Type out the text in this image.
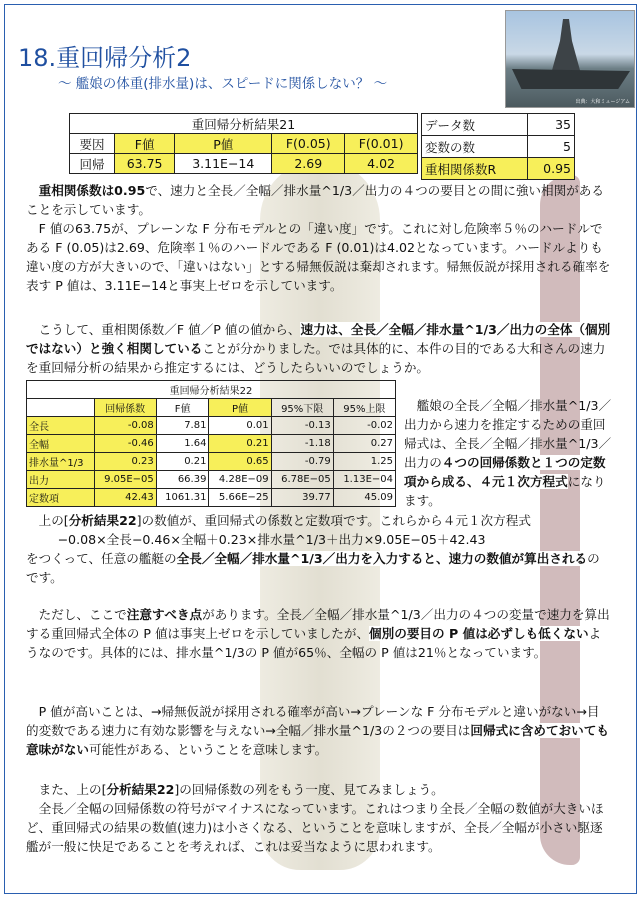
出典：大和ミュージアム
18.重回帰分析2
～ 艦娘の体重(排水量)は、スピードに関係しない？ ～
重回帰分析結果21				
要因	F値	P値	F(0.05)	F(0.01)
回帰	63.75	3.11E−14	2.69	4.02
データ数	35
変数の数	5
重相関係数R	0.95
重相関係数は0.95で、速力と全長／全幅／排水量^1/3／出力の４つの要目との間に強い相関があることを示しています。
F 値の63.75が、プレーンな F 分布モデルとの「違い度」です。これに対し危険率５％のハードルである F (0.05)は2.69、危険率１％のハードルである F (0.01)は4.02となっています。ハードルよりも違い度の方が大きいので、「違いはない」とする帰無仮説は棄却されます。帰無仮説が採用される確率を表す P 値は、3.11E−14と事実上ゼロを示しています。
こうして、重相関係数／F 値／P 値の値から、速力は、全長／全幅／排水量^1/3／出力の全体（個別ではない）と強く相関していることが分かりました。では具体的に、本件の目的である大和さんの速力を重回帰分析の結果から推定するには、どうしたらいいのでしょうか。
重回帰分析結果22					
	回帰係数	F値	P値	95%下限	95%上限
全長	-0.08	7.81	0.01	-0.13	-0.02
全幅	-0.46	1.64	0.21	-1.18	0.27
排水量^1/3	0.23	0.21	0.65	-0.79	1.25
出力	9.05E−05	66.39	4.28E−09	6.78E−05	1.13E−04
定数項	42.43	1061.31	5.66E−25	39.77	45.09
艦娘の全長／全幅／排水量^1/3／出力から速力を推定するための重回帰式は、全長／全幅／排水量^1/3／出力の４つの回帰係数と１つの定数項から成る、４元１次方程式になります。
上の[分析結果22]の数値が、重回帰式の係数と定数項です。これらから４元１次方程式
−0.08×全長−0.46×全幅＋0.23×排水量^1/3＋出力×9.05E−05＋42.43
をつくって、任意の艦艇の全長／全幅／排水量^1/3／出力を入力すると、速力の数値が算出されるのです。
ただし、ここで注意すべき点があります。全長／全幅／排水量^1/3／出力の４つの変量で速力を算出する重回帰式全体の P 値は事実上ゼロを示していましたが、個別の要目の P 値は必ずしも低くないようなのです。具体的には、排水量^1/3の P 値が65％、全幅の P 値は21％となっています。
P 値が高いことは、→帰無仮説が採用される確率が高い→プレーンな F 分布モデルと違いがない→目的変数である速力に有効な影響を与えない→全幅／排水量^1/3の２つの要目は回帰式に含めておいても意味がない可能性がある、ということを意味します。
また、上の[分析結果22]の回帰係数の列をもう一度、見てみましょう。
全長／全幅の回帰係数の符号がマイナスになっています。これはつまり全長／全幅の数値が大きいほど、重回帰式の結果の数値(速力)は小さくなる、ということを意味しますが、全長／全幅が小さい駆逐艦が一般に快足であることを考えれば、これは妥当なように思われます。
